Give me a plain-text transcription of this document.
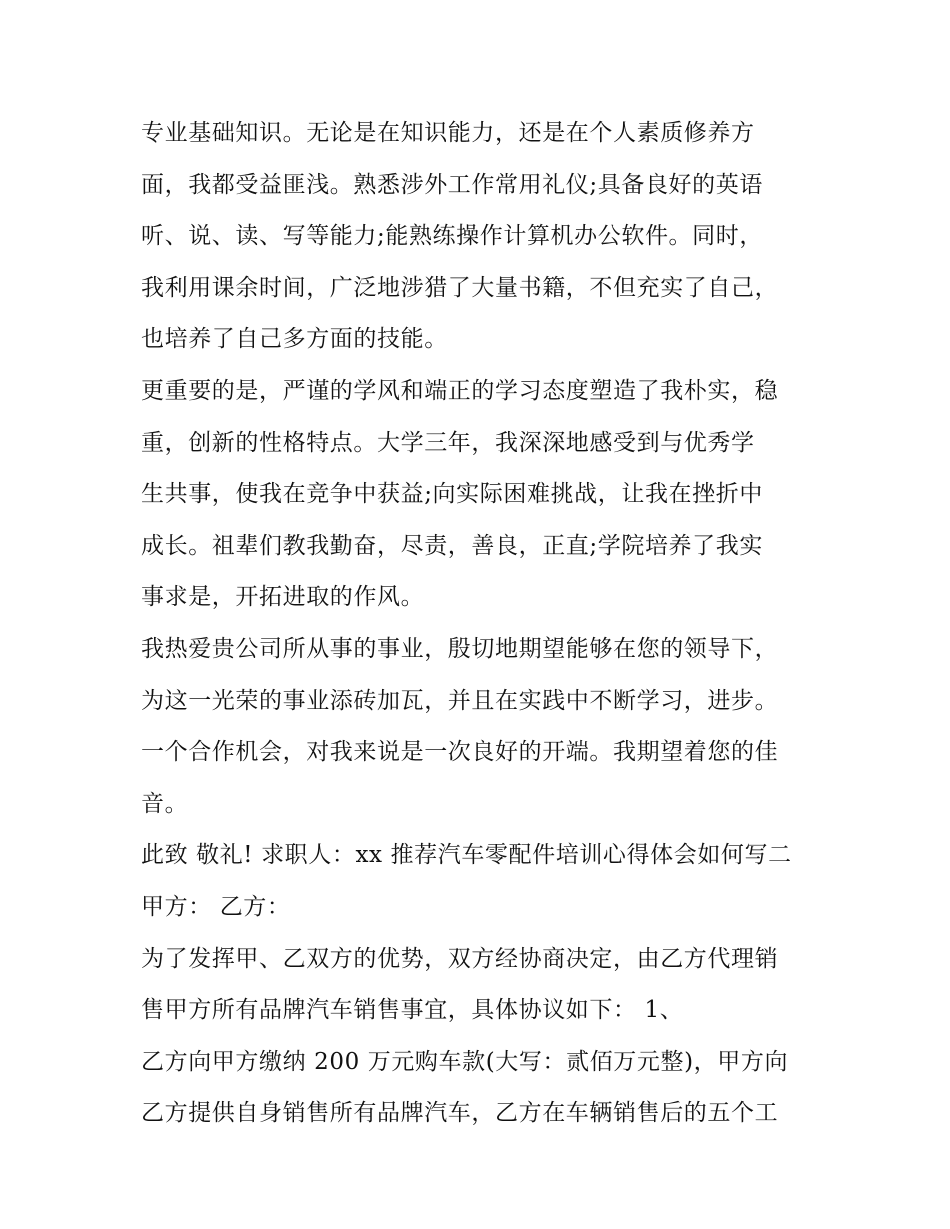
专业基础知识。无论是在知识能力，还是在个人素质修养方
面，我都受益匪浅。熟悉涉外工作常用礼仪;具备良好的英语
听、说、读、写等能力;能熟练操作计算机办公软件。同时，
我利用课余时间，广泛地涉猎了大量书籍，不但充实了自己，
也培养了自己多方面的技能。
更重要的是，严谨的学风和端正的学习态度塑造了我朴实，稳
重，创新的性格特点。大学三年，我深深地感受到与优秀学
生共事，使我在竞争中获益;向实际困难挑战，让我在挫折中
成长。祖辈们教我勤奋，尽责，善良，正直;学院培养了我实
事求是，开拓进取的作风。
我热爱贵公司所从事的事业，殷切地期望能够在您的领导下，
为这一光荣的事业添砖加瓦，并且在实践中不断学习，进步。
一个合作机会，对我来说是一次良好的开端。我期望着您的佳
音。
此致 敬礼! 求职人：xx 推荐汽车零配件培训心得体会如何写二
甲方： 乙方：
为了发挥甲、乙双方的优势，双方经协商决定，由乙方代理销
售甲方所有品牌汽车销售事宜，具体协议如下： 1、
乙方向甲方缴纳 200 万元购车款(大写：贰佰万元整)，甲方向
乙方提供自身销售所有品牌汽车，乙方在车辆销售后的五个工
